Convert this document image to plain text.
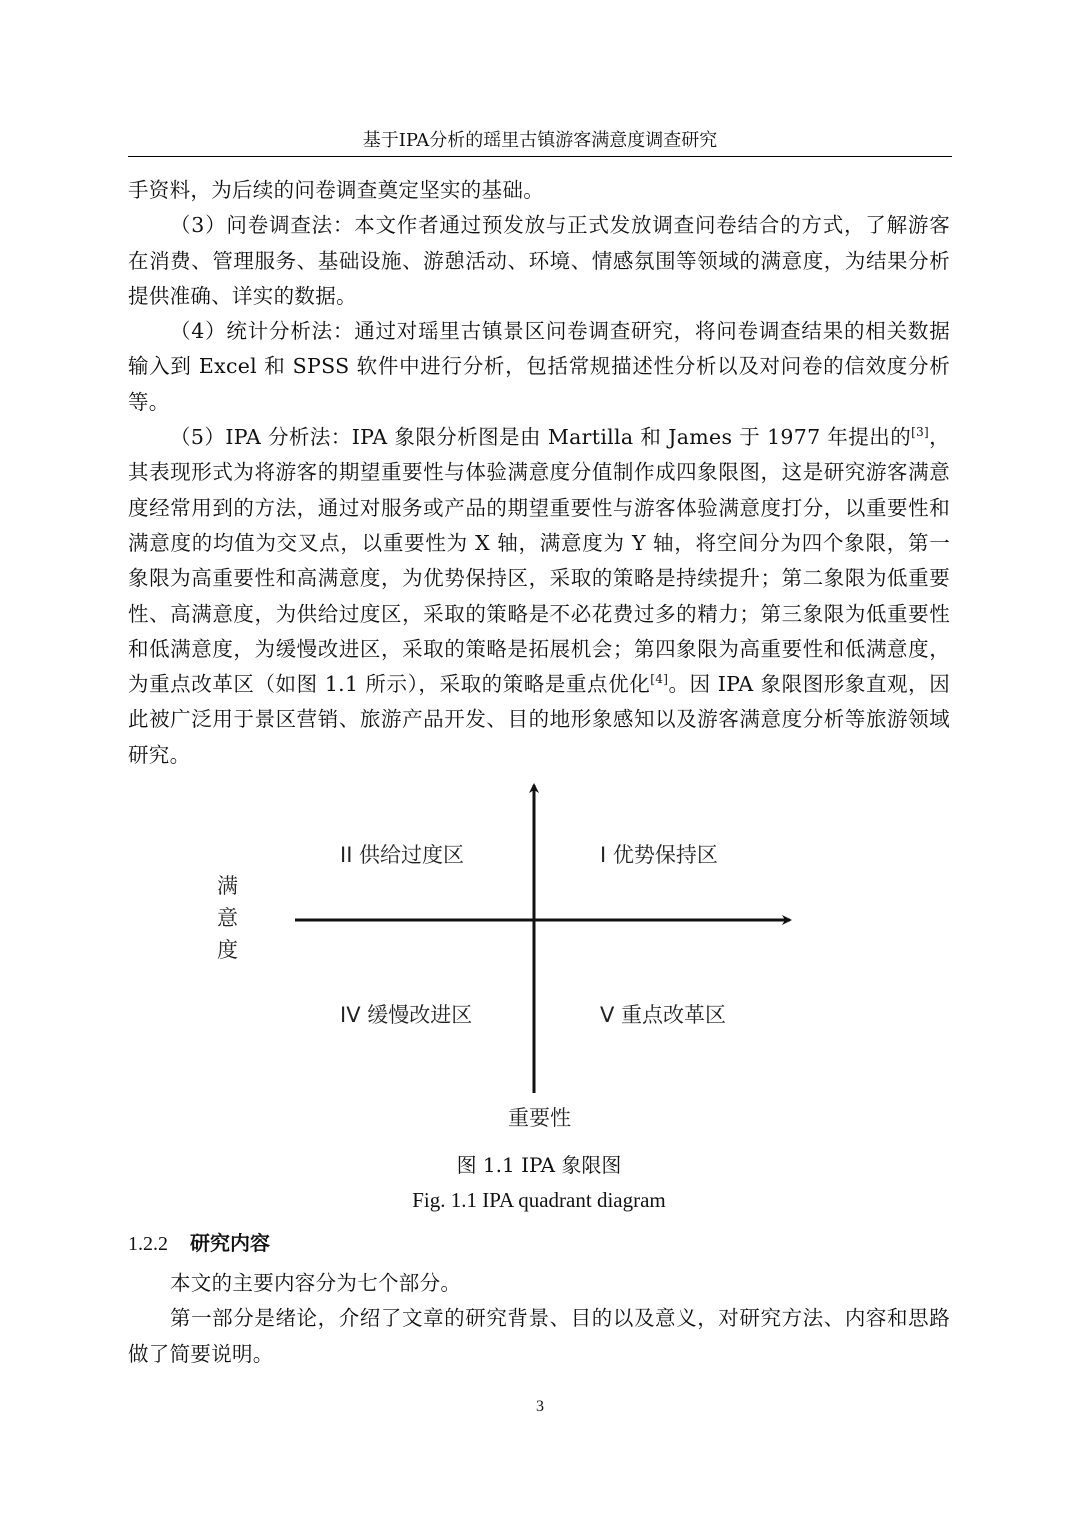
基于IPA分析的瑶里古镇游客满意度调查研究

手资料，为后续的问卷调查奠定坚实的基础。

（3）问卷调查法：本文作者通过预发放与正式发放调查问卷结合的方式，了解游客在消费、管理服务、基础设施、游憩活动、环境、情感氛围等领域的满意度，为结果分析提供准确、详实的数据。

（4）统计分析法：通过对瑶里古镇景区问卷调查研究，将问卷调查结果的相关数据输入到 Excel 和 SPSS 软件中进行分析，包括常规描述性分析以及对问卷的信效度分析等。

（5）IPA 分析法：IPA 象限分析图是由 Martilla 和 James 于 1977 年提出的[3]，其表现形式为将游客的期望重要性与体验满意度分值制作成四象限图，这是研究游客满意度经常用到的方法，通过对服务或产品的期望重要性与游客体验满意度打分，以重要性和满意度的均值为交叉点，以重要性为 X 轴，满意度为 Y 轴，将空间分为四个象限，第一象限为高重要性和高满意度，为优势保持区，采取的策略是持续提升；第二象限为低重要性、高满意度，为供给过度区，采取的策略是不必花费过多的精力；第三象限为低重要性和低满意度，为缓慢改进区，采取的策略是拓展机会；第四象限为高重要性和低满意度，为重点改革区（如图 1.1 所示），采取的策略是重点优化[4]。因 IPA 象限图形象直观，因此被广泛用于景区营销、旅游产品开发、目的地形象感知以及游客满意度分析等旅游领域研究。

II 供给过度区	I 优势保持区
IV 缓慢改进区	V 重点改革区
满
意
度
重要性
图 1.1 IPA 象限图
Fig. 1.1 IPA quadrant diagram
1.2.2 研究内容

本文的主要内容分为七个部分。

第一部分是绪论，介绍了文章的研究背景、目的以及意义，对研究方法、内容和思路做了简要说明。

3
